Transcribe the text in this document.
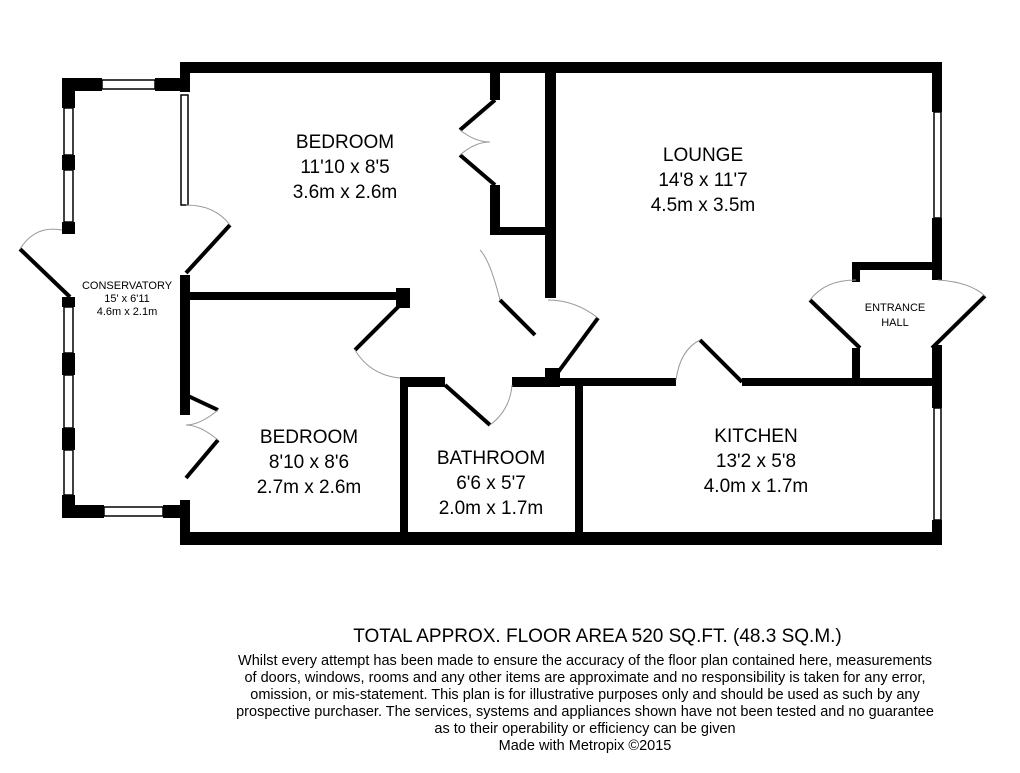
BEDROOM
11'10 x 8'5
3.6m x 2.6m
LOUNGE
14'8 x 11'7
4.5m x 3.5m
CONSERVATORY
15' x 6'11
4.6m x 2.1m	ENTRANCE
HALL
BEDROOM
8'10 x 8'6
2.7m x 2.6m
BATHROOM
6'6 x 5'7
2.0m x 1.7m
KITCHEN
13'2 x 5'8
4.0m x 1.7m
TOTAL APPROX. FLOOR AREA 520 SQ.FT. (48.3 SQ.M.)
Whilst every attempt has been made to ensure the accuracy of the floor plan contained here, measurements
of doors, windows, rooms and any other items are approximate and no responsibility is taken for any error,
omission, or mis-statement. This plan is for illustrative purposes only and should be used as such by any
prospective purchaser. The services, systems and appliances shown have not been tested and no guarantee
as to their operability or efficiency can be given
Made with Metropix ©2015
